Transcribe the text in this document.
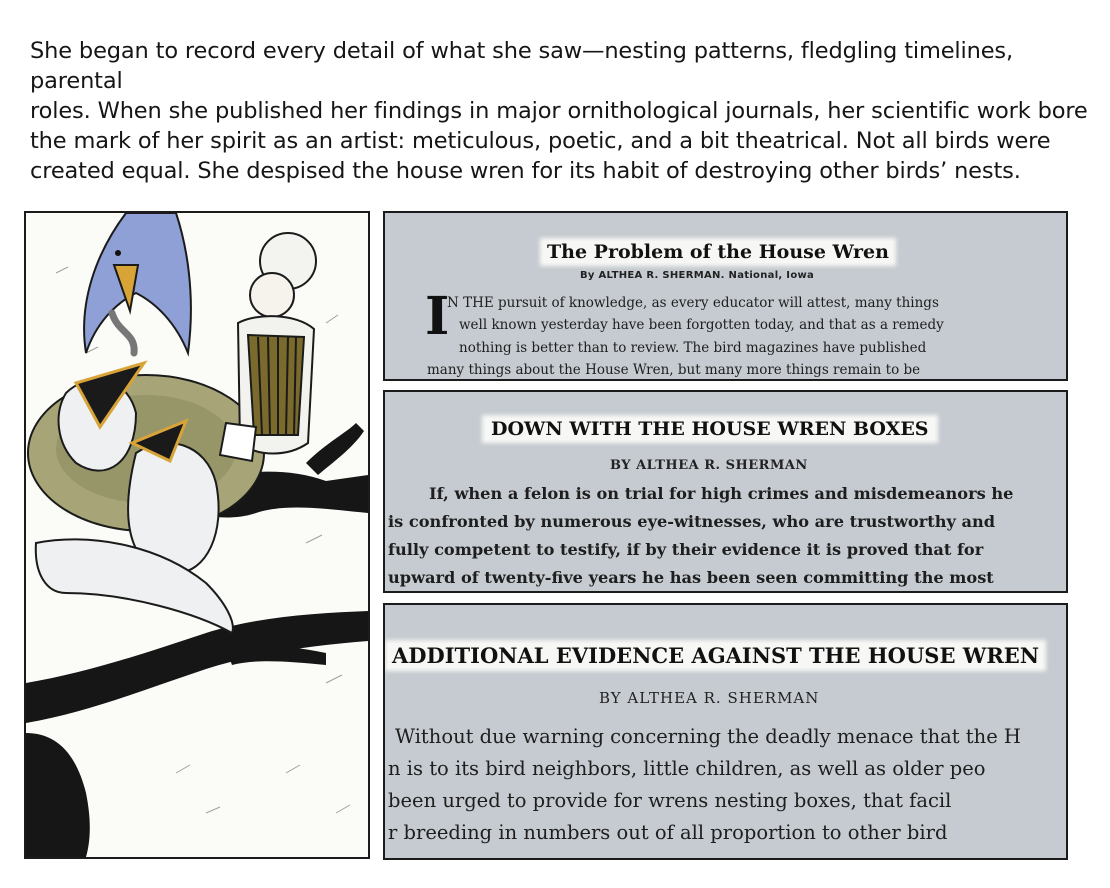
She began to record every detail of what she saw—nesting patterns, fledgling timelines, parental
roles. When she published her findings in major ornithological journals, her scientific work bore
the mark of her spirit as an artist: meticulous, poetic, and a bit theatrical. Not all birds were
created equal. She despised the house wren for its habit of destroying other birds’ nests.
The Problem of the House Wren
By ALTHEA R. SHERMAN. National, Iowa
I
N THE pursuit of knowledge, as every educator will attest, many things
well known yesterday have been forgotten today, and that as a remedy
nothing is better than to review. The bird magazines have published
many things about the House Wren, but many more things remain to be
DOWN WITH THE HOUSE WREN BOXES
BY ALTHEA R. SHERMAN
If, when a felon is on trial for high crimes and misdemeanors he
is confronted by numerous eye-witnesses, who are trustworthy and
fully competent to testify, if by their evidence it is proved that for
upward of twenty-five years he has been seen committing the most
ADDITIONAL EVIDENCE AGAINST THE HOUSE WREN
BY ALTHEA R. SHERMAN
Without due warning concerning the deadly menace that the H
n is to its bird neighbors, little children, as well as older peo
been urged to provide for wrens nesting boxes, that facil
r breeding in numbers out of all proportion to other bird
